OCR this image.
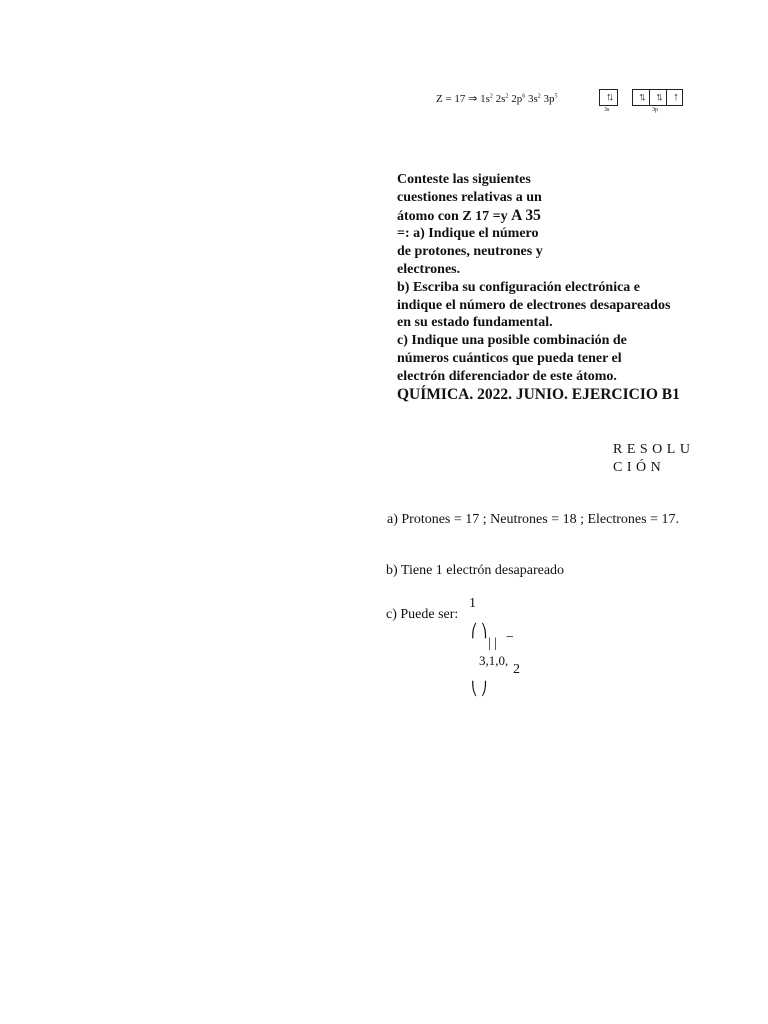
Z = 17 ⇒ $1s^2$ $2s^2$ $2p^6$ $3s^2$ $3p^5$	↑↓
3s
↑↓	↑↓	↑
3p
Conteste las siguientes
cuestiones relativas a un
átomo con Z 17 =y A 35
=: a) Indique el número
de protones, neutrones y
electrones.
b) Escriba su configuración electrónica e
indique el número de electrones desapareados
en su estado fundamental.
c) Indique una posible combinación de
números cuánticos que pueda tener el
electrón diferenciador de este átomo.
QUÍMICA. 2022. JUNIO. EJERCICIO B1
RESOLU
CIÓN
a) Protones = 17 ; Neutrones = 18 ; Electrones = 17.
b) Tiene 1 electrón desapareado
c) Puede ser:
1
⎛ ⎞
| | −
3,1,0,
2
⎝ ⎠
